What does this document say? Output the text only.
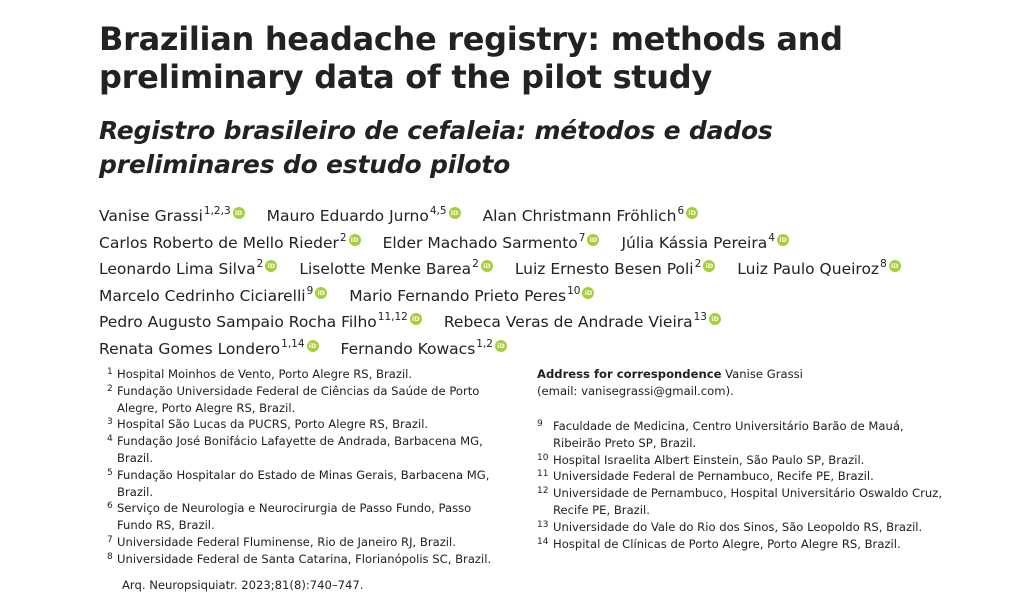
Brazilian headache registry: methods and
preliminary data of the pilot study
Registro brasileiro de cefaleia: métodos e dados
preliminares do estudo piloto
Vanise Grassi$^{1,2,3}$ iD Mauro Eduardo Jurno$^{4,5}$ iD Alan Christmann Fröhlich$^6$ iD
Carlos Roberto de Mello Rieder$^2$ iD Elder Machado Sarmento$^7$ iD Júlia Kássia Pereira$^4$ iD
Leonardo Lima Silva$^2$ iD Liselotte Menke Barea$^2$ iD Luiz Ernesto Besen Poli$^2$ iD Luiz Paulo Queiroz$^8$ iD
Marcelo Cedrinho Ciciarelli$^9$ iD Mario Fernando Prieto Peres$^{10}$ iD
Pedro Augusto Sampaio Rocha Filho$^{11,12}$ iD Rebeca Veras de Andrade Vieira$^{13}$ iD
Renata Gomes Londero$^{1,14}$ iD Fernando Kowacs$^{1,2}$ iD
1 Hospital Moinhos de Vento, Porto Alegre RS, Brazil.
2 Fundação Universidade Federal de Ciências da Saúde de Porto
Alegre, Porto Alegre RS, Brazil.
3 Hospital São Lucas da PUCRS, Porto Alegre RS, Brazil.
4 Fundação José Bonifácio Lafayette de Andrada, Barbacena MG, Brazil.
5 Fundação Hospitalar do Estado de Minas Gerais, Barbacena MG,
Brazil.
6 Serviço de Neurologia e Neurocirurgia de Passo Fundo, Passo
Fundo RS, Brazil.
7 Universidade Federal Fluminense, Rio de Janeiro RJ, Brazil.
8 Universidade Federal de Santa Catarina, Florianópolis SC, Brazil.
Address for correspondence Vanise Grassi
(email: vanisegrassi@gmail.com).
9 Faculdade de Medicina, Centro Universitário Barão de Mauá,
Ribeirão Preto SP, Brazil.
10 Hospital Israelita Albert Einstein, São Paulo SP, Brazil.
11 Universidade Federal de Pernambuco, Recife PE, Brazil.
12 Universidade de Pernambuco, Hospital Universitário Oswaldo Cruz,
Recife PE, Brazil.
13 Universidade do Vale do Rio dos Sinos, São Leopoldo RS, Brazil.
14 Hospital de Clínicas de Porto Alegre, Porto Alegre RS, Brazil.
Arq. Neuropsiquiatr. 2023;81(8):740–747.
